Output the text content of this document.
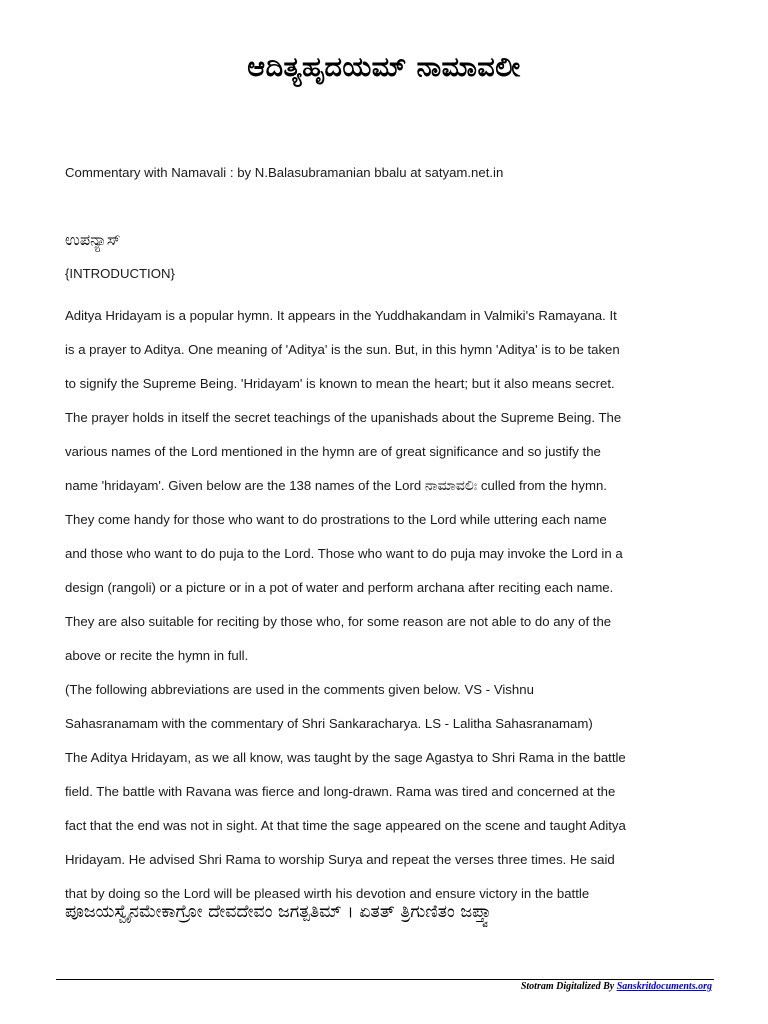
ಆದಿತ್ಯಹೃದಯಮ್ ನಾಮಾವಲೀ
Commentary with Namavali : by N.Balasubramanian bbalu at satyam.net.in
ಉಪನ್ಯಾಸ್
{INTRODUCTION}
Aditya Hridayam is a popular hymn. It appears in the Yuddhakandam in Valmiki's Ramayana. It
is a prayer to Aditya. One meaning of 'Aditya' is the sun. But, in this hymn 'Aditya' is to be taken
to signify the Supreme Being. 'Hridayam' is known to mean the heart; but it also means secret.
The prayer holds in itself the secret teachings of the upanishads about the Supreme Being. The
various names of the Lord mentioned in the hymn are of great significance and so justify the
name 'hridayam'. Given below are the 138 names of the Lord ನಾಮಾವಲಿಃ culled from the hymn.
They come handy for those who want to do prostrations to the Lord while uttering each name
and those who want to do puja to the Lord. Those who want to do puja may invoke the Lord in a
design (rangoli) or a picture or in a pot of water and perform archana after reciting each name.
They are also suitable for reciting by those who, for some reason are not able to do any of the
above or recite the hymn in full.
(The following abbreviations are used in the comments given below. VS - Vishnu
Sahasranamam with the commentary of Shri Sankaracharya. LS - Lalitha Sahasranamam)
The Aditya Hridayam, as we all know, was taught by the sage Agastya to Shri Rama in the battle
field. The battle with Ravana was fierce and long-drawn. Rama was tired and concerned at the
fact that the end was not in sight. At that time the sage appeared on the scene and taught Aditya
Hridayam. He advised Shri Rama to worship Surya and repeat the verses three times. He said
that by doing so the Lord will be pleased wirth his devotion and ensure victory in the battle
ಪೂಜಯಸ್ವೈನಮೇಕಾಗ್ರೋ ದೇವದೇವಂ ಜಗತ್ಪತಿಮ್ । ಏತತ್ ತ್ರಿಗುಣಿತಂ ಜಪ್ತ್ವಾ
Stotram Digitalized By Sanskritdocuments.org
